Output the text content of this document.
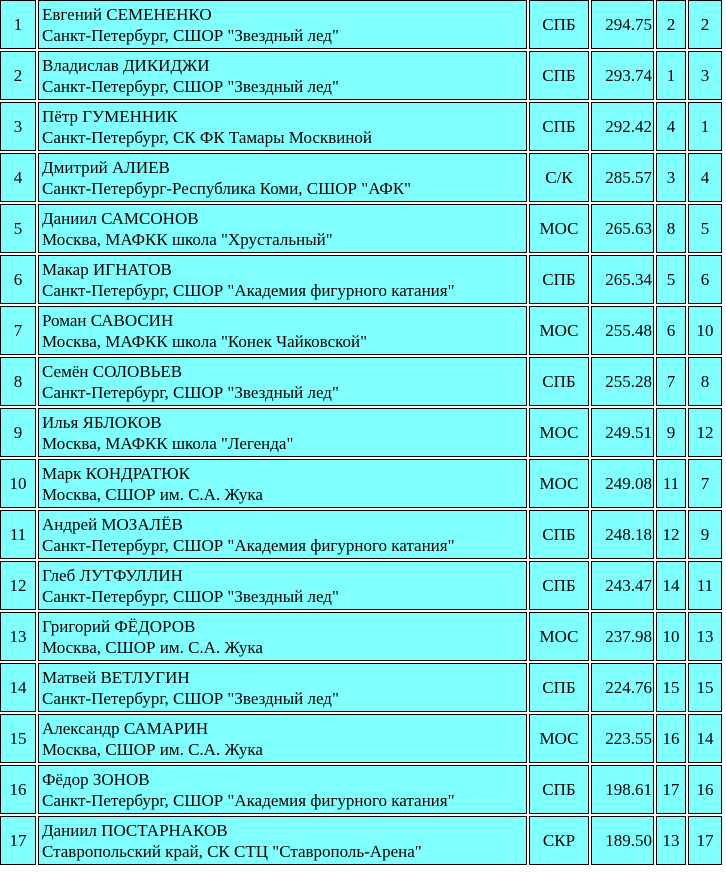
1	Евгений СЕМЕНЕНКО
Санкт-Петербург, СШОР "Звездный лед"	СПБ	294.75	2	2
2	Владислав ДИКИДЖИ
Санкт-Петербург, СШОР "Звездный лед"	СПБ	293.74	1	3
3	Пётр ГУМЕННИК
Санкт-Петербург, СК ФК Тамары Москвиной	СПБ	292.42	4	1
4	Дмитрий АЛИЕВ
Санкт-Петербург-Республика Коми, СШОР "АФК"	С/К	285.57	3	4
5	Даниил САМСОНОВ
Москва, МАФКК школа "Хрустальный"	МОС	265.63	8	5
6	Макар ИГНАТОВ
Санкт-Петербург, СШОР "Академия фигурного катания"	СПБ	265.34	5	6
7	Роман САВОСИН
Москва, МАФКК школа "Конек Чайковской"	МОС	255.48	6	10
8	Семён СОЛОВЬЕВ
Санкт-Петербург, СШОР "Звездный лед"	СПБ	255.28	7	8
9	Илья ЯБЛОКОВ
Москва, МАФКК школа "Легенда"	МОС	249.51	9	12
10	Марк КОНДРАТЮК
Москва, СШОР им. С.А. Жука	МОС	249.08	11	7
11	Андрей МОЗАЛЁВ
Санкт-Петербург, СШОР "Академия фигурного катания"	СПБ	248.18	12	9
12	Глеб ЛУТФУЛЛИН
Санкт-Петербург, СШОР "Звездный лед"	СПБ	243.47	14	11
13	Григорий ФЁДОРОВ
Москва, СШОР им. С.А. Жука	МОС	237.98	10	13
14	Матвей ВЕТЛУГИН
Санкт-Петербург, СШОР "Звездный лед"	СПБ	224.76	15	15
15	Александр САМАРИН
Москва, СШОР им. С.А. Жука	МОС	223.55	16	14
16	Фёдор ЗОНОВ
Санкт-Петербург, СШОР "Академия фигурного катания"	СПБ	198.61	17	16
17	Даниил ПОСТАРНАКОВ
Ставропольский край, СК СТЦ "Ставрополь-Арена"	СКР	189.50	13	17
